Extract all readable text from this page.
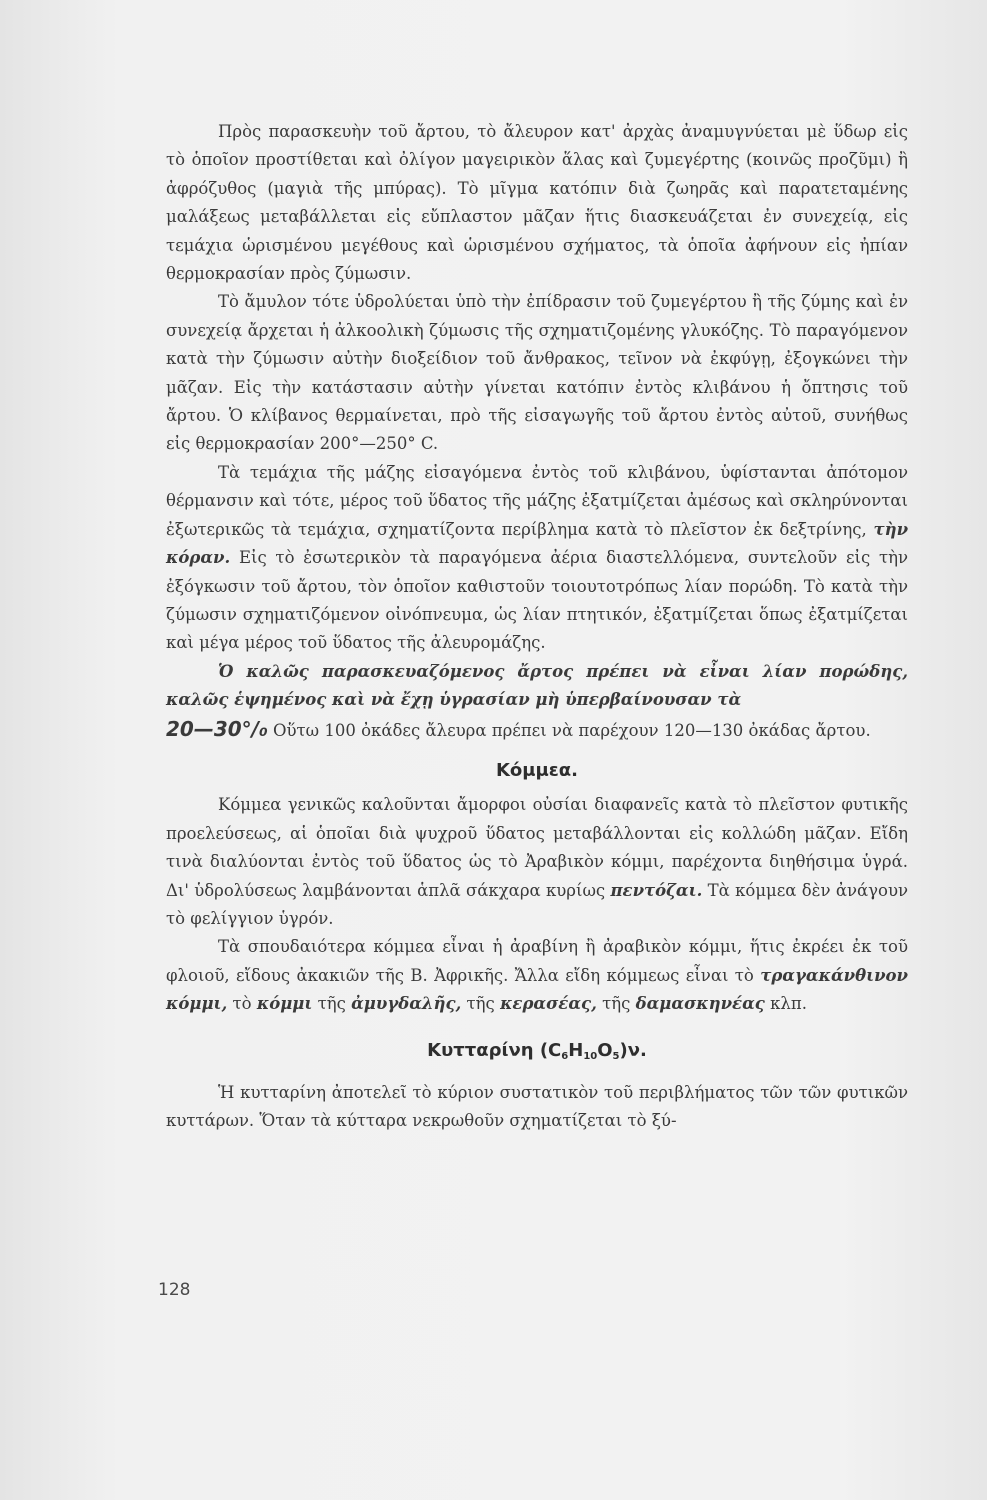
Πρὸς παρασκευὴν τοῦ ἄρτου, τὸ ἄλευρον κατ' ἀρχὰς ἀναμυγνύεται μὲ ὕδωρ εἰς τὸ ὁποῖον προστίθεται καὶ ὀλίγον μαγειρικὸν ἅλας καὶ ζυμεγέρτης (κοινῶς προζῦμι) ἢ ἀφρόζυθος (μαγιὰ τῆς μπύρας). Τὸ μῖγμα κατόπιν διὰ ζωηρᾶς καὶ παρατεταμένης μαλάξεως μεταβάλλεται εἰς εὔπλαστον μᾶζαν ἥτις διασκευάζεται ἐν συνεχείᾳ, εἰς τεμάχια ὡρισμένου μεγέθους καὶ ὡρισμένου σχήματος, τὰ ὁποῖα ἀφήνουν εἰς ἠπίαν θερμοκρασίαν πρὸς ζύμωσιν.

Τὸ ἄμυλον τότε ὑδρολύεται ὑπὸ τὴν ἐπίδρασιν τοῦ ζυμεγέρτου ἢ τῆς ζύμης καὶ ἐν συνεχείᾳ ἄρχεται ἡ ἀλκοολικὴ ζύμωσις τῆς σχηματιζομένης γλυκόζης. Τὸ παραγόμενον κατὰ τὴν ζύμωσιν αὐτὴν διοξείδιον τοῦ ἄνθρακος, τεῖνον νὰ ἐκφύγῃ, ἐξογκώνει τὴν μᾶζαν. Εἰς τὴν κατάστασιν αὐτὴν γίνεται κατόπιν ἐντὸς κλιβάνου ἡ ὄπτησις τοῦ ἄρτου. Ὁ κλίβανος θερμαίνεται, πρὸ τῆς εἰσαγωγῆς τοῦ ἄρτου ἐντὸς αὐτοῦ, συνήθως εἰς θερμοκρασίαν 200°—250° C.

Τὰ τεμάχια τῆς μάζης εἰσαγόμενα ἐντὸς τοῦ κλιβάνου, ὑφίστανται ἀπότομον θέρμανσιν καὶ τότε, μέρος τοῦ ὕδατος τῆς μάζης ἐξατμίζεται ἀμέσως καὶ σκληρύνονται ἐξωτερικῶς τὰ τεμάχια, σχηματίζοντα περίβλημα κατὰ τὸ πλεῖστον ἐκ δεξτρίνης, τὴν κόραν. Εἰς τὸ ἐσωτερικὸν τὰ παραγόμενα ἀέρια διαστελλόμενα, συντελοῦν εἰς τὴν ἐξόγκωσιν τοῦ ἄρτου, τὸν ὁποῖον καθιστοῦν τοιουτοτρόπως λίαν πορώδη. Τὸ κατὰ τὴν ζύμωσιν σχηματιζόμενον οἰνόπνευμα, ὡς λίαν πτητικόν, ἐξατμίζεται ὅπως ἐξατμίζεται καὶ μέγα μέρος τοῦ ὕδατος τῆς ἀλευρομάζης.

Ὁ καλῶς παρασκευαζόμενος ἄρτος πρέπει νὰ εἶναι λίαν πορώδης, καλῶς ἑψημένος καὶ νὰ ἔχῃ ὑγρασίαν μὴ ὑπερβαίνουσαν τὰ
20—30°/₀ Οὕτω 100 ὀκάδες ἄλευρα πρέπει νὰ παρέχουν 120—130 ὀκάδας ἄρτου.

Κόμμεα.

Κόμμεα γενικῶς καλοῦνται ἄμορφοι οὐσίαι διαφανεῖς κατὰ τὸ πλεῖστον φυτικῆς προελεύσεως, αἱ ὁποῖαι διὰ ψυχροῦ ὕδατος μεταβάλλονται εἰς κολλώδη μᾶζαν. Εἴδη τινὰ διαλύονται ἐντὸς τοῦ ὕδατος ὡς τὸ Ἀραβικὸν κόμμι, παρέχοντα διηθήσιμα ὑγρά. Δι' ὑδρολύσεως λαμβάνονται ἁπλᾶ σάκχαρα κυρίως πεντόζαι. Τὰ κόμμεα δὲν ἀνάγουν τὸ φελίγγιον ὑγρόν.

Τὰ σπουδαιότερα κόμμεα εἶναι ἡ ἀραβίνη ἢ ἀραβικὸν κόμμι, ἥτις ἐκρέει ἐκ τοῦ φλοιοῦ, εἴδους ἀκακιῶν τῆς Β. Ἀφρικῆς. Ἄλλα εἴδη κόμμεως εἶναι τὸ τραγακάνθινον κόμμι, τὸ κόμμι τῆς ἀμυγδαλῆς, τῆς κερασέας, τῆς δαμασκηνέας κλπ.

Κυτταρίνη $(C_6H_{10}O_5)\nu$.

Ἡ κυτταρίνη ἀποτελεῖ τὸ κύριον συστατικὸν τοῦ περιβλήματος τῶν τῶν φυτικῶν κυττάρων. Ὅταν τὰ κύτταρα νεκρωθοῦν σχηματίζεται τὸ ξύ-

128
